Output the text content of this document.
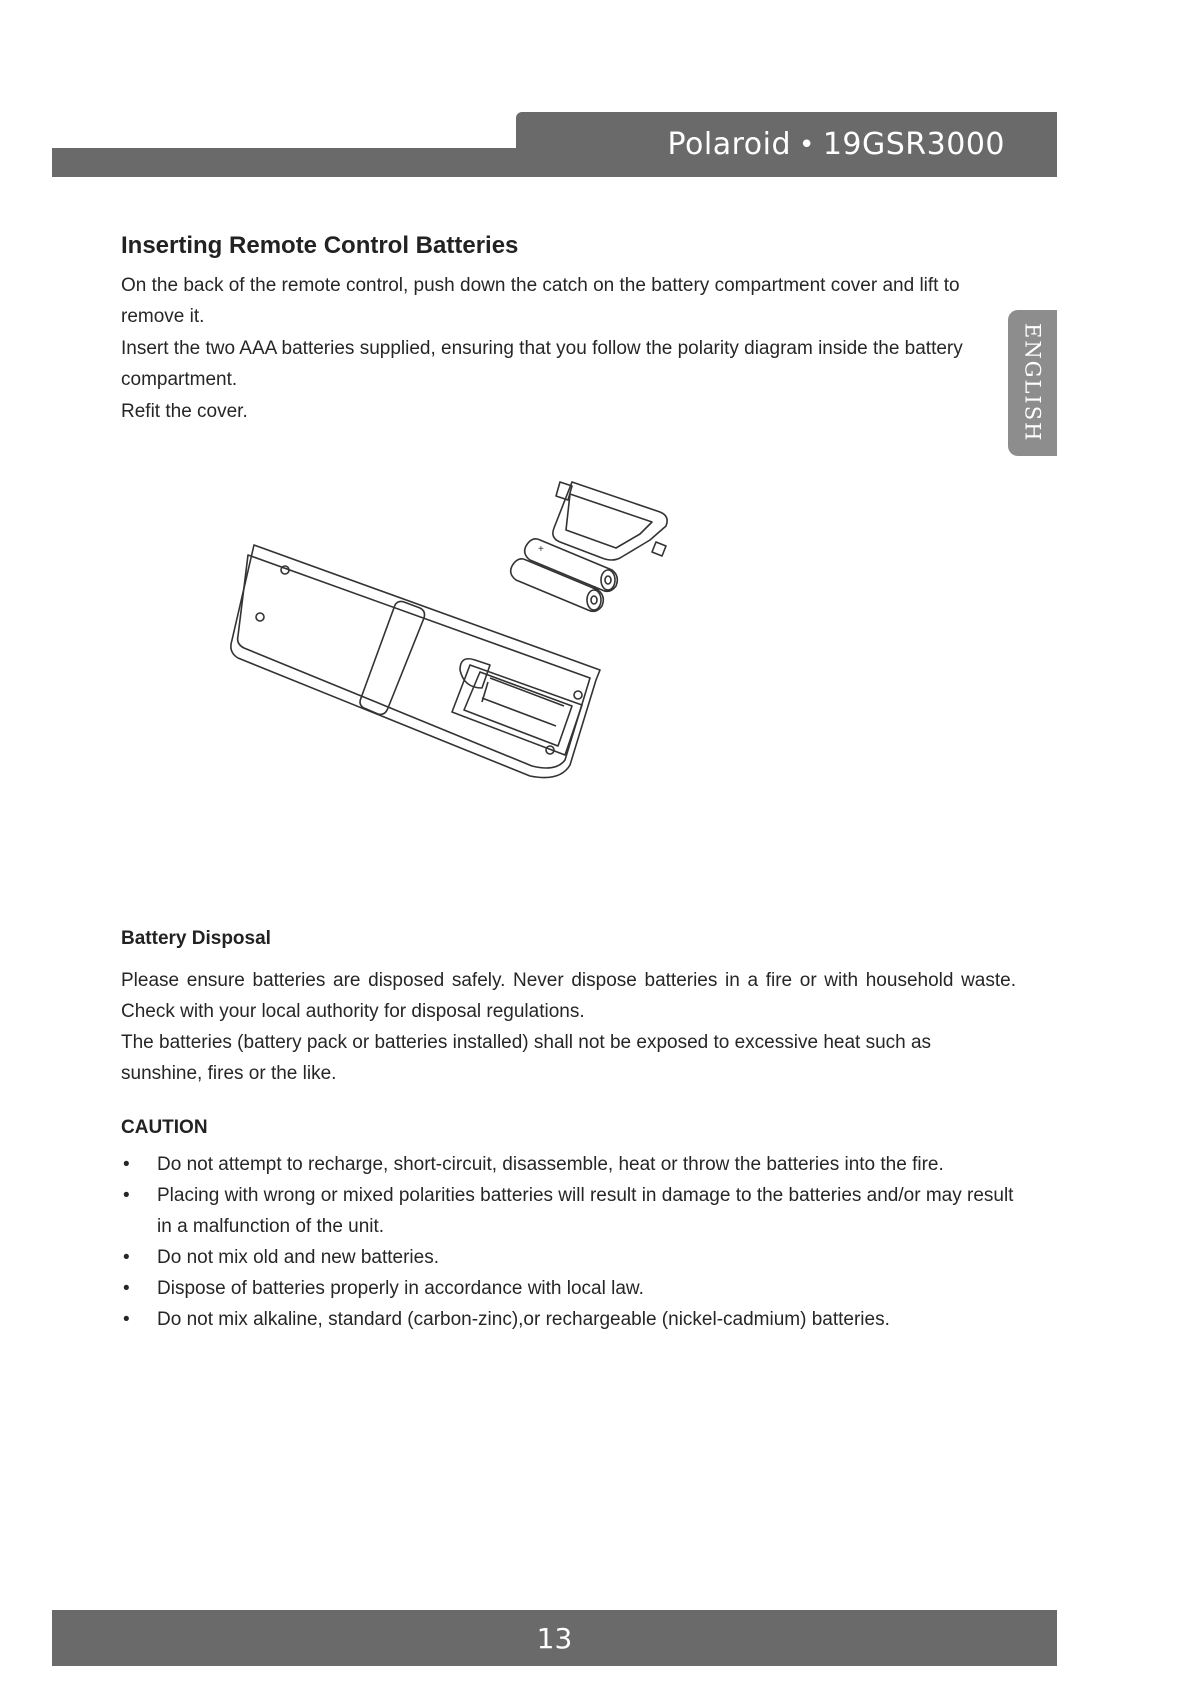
Polaroid • 19GSR3000
ENGLISH
Inserting Remote Control Batteries

On the back of the remote control, push down the catch on the battery compartment cover and lift to remove it.

Insert the two AAA batteries supplied, ensuring that you follow the polarity diagram inside the battery compartment.

Refit the cover.

+
+
Battery Disposal

Please ensure batteries are disposed safely. Never dispose batteries in a fire or with household waste. Check with your local authority for disposal regulations.

The batteries (battery pack or batteries installed) shall not be exposed to excessive heat such as sunshine, fires or the like.

CAUTION
• Do not attempt to recharge, short-circuit, disassemble, heat or throw the batteries into the fire.
• Placing with wrong or mixed polarities batteries will result in damage to the batteries and/or may result in a malfunction of the unit.
• Do not mix old and new batteries.
• Dispose of batteries properly in accordance with local law.
• Do not mix alkaline, standard (carbon-zinc),or rechargeable (nickel-cadmium) batteries.
13
